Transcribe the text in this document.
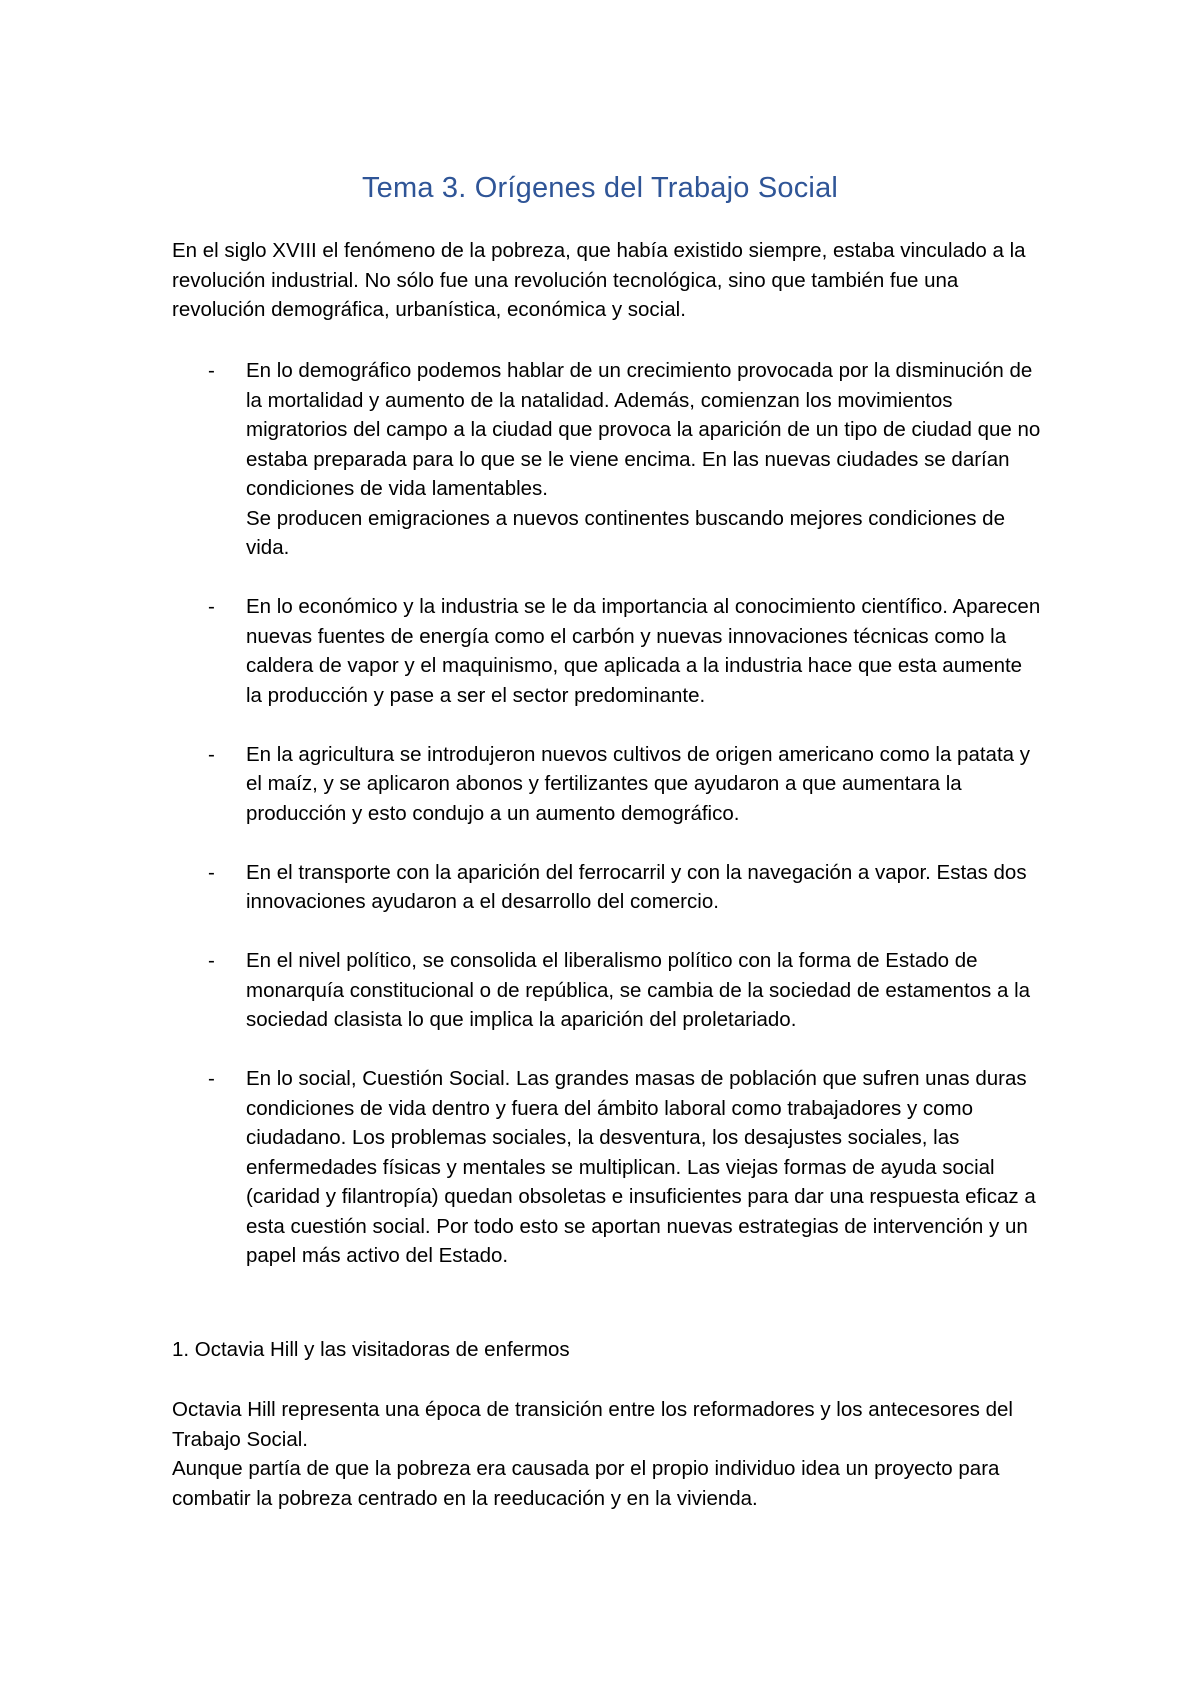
Tema 3. Orígenes del Trabajo Social

En el siglo XVIII el fenómeno de la pobreza, que había existido siempre, estaba vinculado a la revolución industrial. No sólo fue una revolución tecnológica, sino que también fue una revolución demográfica, urbanística, económica y social.

-	En lo demográfico podemos hablar de un crecimiento provocada por la disminución de la mortalidad y aumento de la natalidad. Además, comienzan los movimientos migratorios del campo a la ciudad que provoca la aparición de un tipo de ciudad que no estaba preparada para lo que se le viene encima. En las nuevas ciudades se darían condiciones de vida lamentables.
Se producen emigraciones a nuevos continentes buscando mejores condiciones de vida.
-	En lo económico y la industria se le da importancia al conocimiento científico. Aparecen nuevas fuentes de energía como el carbón y nuevas innovaciones técnicas como la caldera de vapor y el maquinismo, que aplicada a la industria hace que esta aumente la producción y pase a ser el sector predominante.
-	En la agricultura se introdujeron nuevos cultivos de origen americano como la patata y el maíz, y se aplicaron abonos y fertilizantes que ayudaron a que aumentara la producción y esto condujo a un aumento demográfico.
-	En el transporte con la aparición del ferrocarril y con la navegación a vapor. Estas dos innovaciones ayudaron a el desarrollo del comercio.
-	En el nivel político, se consolida el liberalismo político con la forma de Estado de monarquía constitucional o de república, se cambia de la sociedad de estamentos a la sociedad clasista lo que implica la aparición del proletariado.
-	En lo social, Cuestión Social. Las grandes masas de población que sufren unas duras condiciones de vida dentro y fuera del ámbito laboral como trabajadores y como ciudadano. Los problemas sociales, la desventura, los desajustes sociales, las enfermedades físicas y mentales se multiplican. Las viejas formas de ayuda social (caridad y filantropía) quedan obsoletas e insuficientes para dar una respuesta eficaz a esta cuestión social. Por todo esto se aportan nuevas estrategias de intervención y un papel más activo del Estado.

1. Octavia Hill y las visitadoras de enfermos

Octavia Hill representa una época de transición entre los reformadores y los antecesores del Trabajo Social.

Aunque partía de que la pobreza era causada por el propio individuo idea un proyecto para combatir la pobreza centrado en la reeducación y en la vivienda.
